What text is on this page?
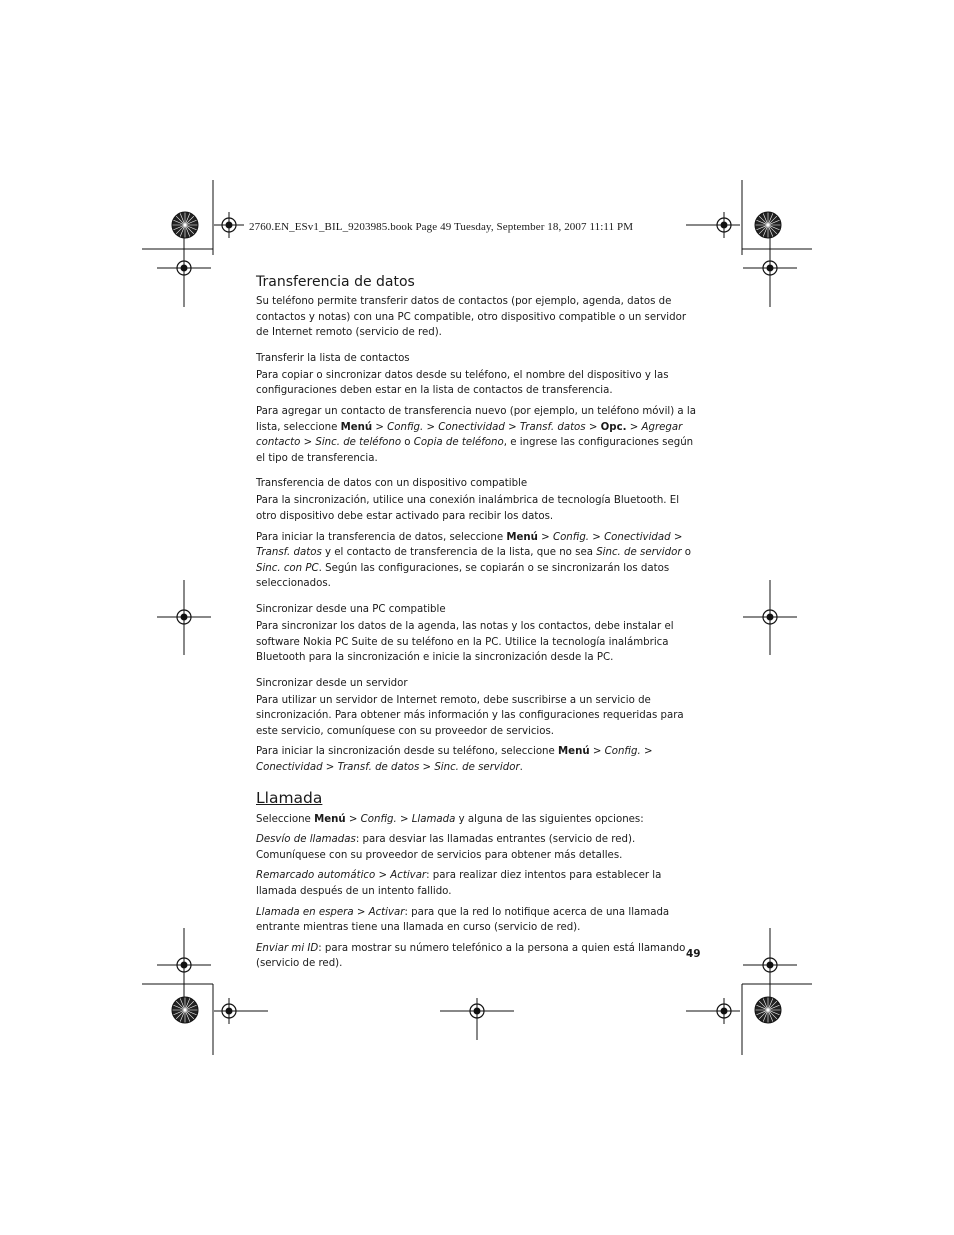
2760.EN_ESv1_BIL_9203985.book Page 49 Tuesday, September 18, 2007 11:11 PM
Transferencia de datos

Su teléfono permite transferir datos de contactos (por ejemplo, agenda, datos de contactos y notas) con una PC compatible, otro dispositivo compatible o un servidor de Internet remoto (servicio de red).

Transferir la lista de contactos

Para copiar o sincronizar datos desde su teléfono, el nombre del dispositivo y las configuraciones deben estar en la lista de contactos de transferencia.

Para agregar un contacto de transferencia nuevo (por ejemplo, un teléfono móvil) a la lista, seleccione Menú > Config. > Conectividad > Transf. datos > Opc. > Agregar contacto > Sinc. de teléfono o Copia de teléfono, e ingrese las configuraciones según el tipo de transferencia.

Transferencia de datos con un dispositivo compatible

Para la sincronización, utilice una conexión inalámbrica de tecnología Bluetooth. El otro dispositivo debe estar activado para recibir los datos.

Para iniciar la transferencia de datos, seleccione Menú > Config. > Conectividad > Transf. datos y el contacto de transferencia de la lista, que no sea Sinc. de servidor o Sinc. con PC. Según las configuraciones, se copiarán o se sincronizarán los datos seleccionados.

Sincronizar desde una PC compatible

Para sincronizar los datos de la agenda, las notas y los contactos, debe instalar el software Nokia PC Suite de su teléfono en la PC. Utilice la tecnología inalámbrica Bluetooth para la sincronización e inicie la sincronización desde la PC.

Sincronizar desde un servidor

Para utilizar un servidor de Internet remoto, debe suscribirse a un servicio de sincronización. Para obtener más información y las configuraciones requeridas para este servicio, comuníquese con su proveedor de servicios.

Para iniciar la sincronización desde su teléfono, seleccione Menú > Config. > Conectividad > Transf. de datos > Sinc. de servidor.

Llamada

Seleccione Menú > Config. > Llamada y alguna de las siguientes opciones:

Desvío de llamadas: para desviar las llamadas entrantes (servicio de red). Comuníquese con su proveedor de servicios para obtener más detalles.

Remarcado automático > Activar: para realizar diez intentos para establecer la llamada después de un intento fallido.

Llamada en espera > Activar: para que la red lo notifique acerca de una llamada entrante mientras tiene una llamada en curso (servicio de red).

Enviar mi ID: para mostrar su número telefónico a la persona a quien está llamando (servicio de red).

49
